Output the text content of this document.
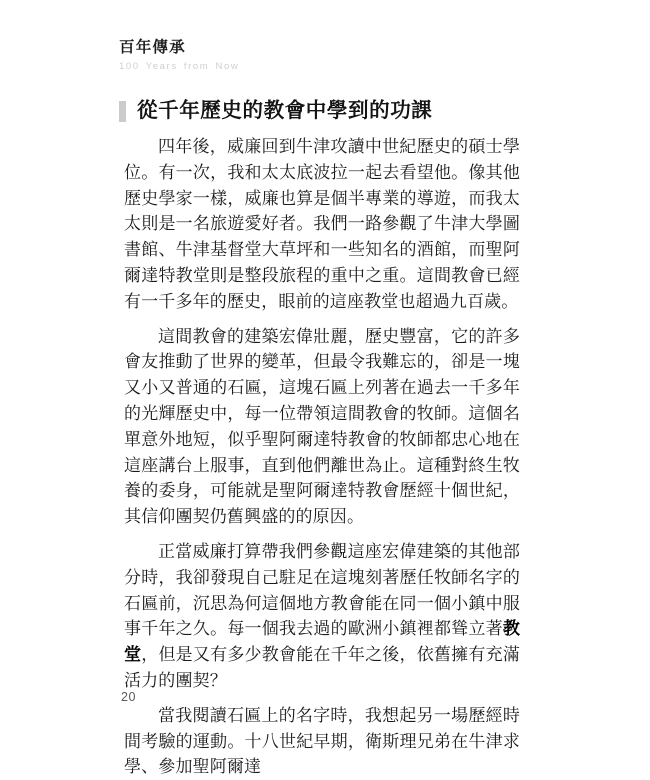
百年傳承
100 Years from Now
從千年歷史的教會中學到的功課

四年後，威廉回到牛津攻讀中世紀歷史的碩士學位。有一次，我和太太底波拉一起去看望他。像其他歷史學家一樣，威廉也算是個半專業的導遊，而我太太則是一名旅遊愛好者。我們一路參觀了牛津大學圖書館、牛津基督堂大草坪和一些知名的酒館，而聖阿爾達特教堂則是整段旅程的重中之重。這間教會已經有一千多年的歷史，眼前的這座教堂也超過九百歲。

這間教會的建築宏偉壯麗，歷史豐富，它的許多會友推動了世界的變革，但最令我難忘的，卻是一塊又小又普通的石匾，這塊石匾上列著在過去一千多年的光輝歷史中，每一位帶領這間教會的牧師。這個名單意外地短，似乎聖阿爾達特教會的牧師都忠心地在這座講台上服事，直到他們離世為止。這種對終生牧養的委身，可能就是聖阿爾達特教會歷經十個世紀，其信仰團契仍舊興盛的的原因。

正當威廉打算帶我們參觀這座宏偉建築的其他部分時，我卻發現自己駐足在這塊刻著歷任牧師名字的石匾前，沉思為何這個地方教會能在同一個小鎮中服事千年之久。每一個我去過的歐洲小鎮裡都聳立著教堂，但是又有多少教會能在千年之後，依舊擁有充滿活力的團契？

當我閱讀石匾上的名字時，我想起另一場歷經時間考驗的運動。十八世紀早期，衛斯理兄弟在牛津求學、參加聖阿爾達

20
